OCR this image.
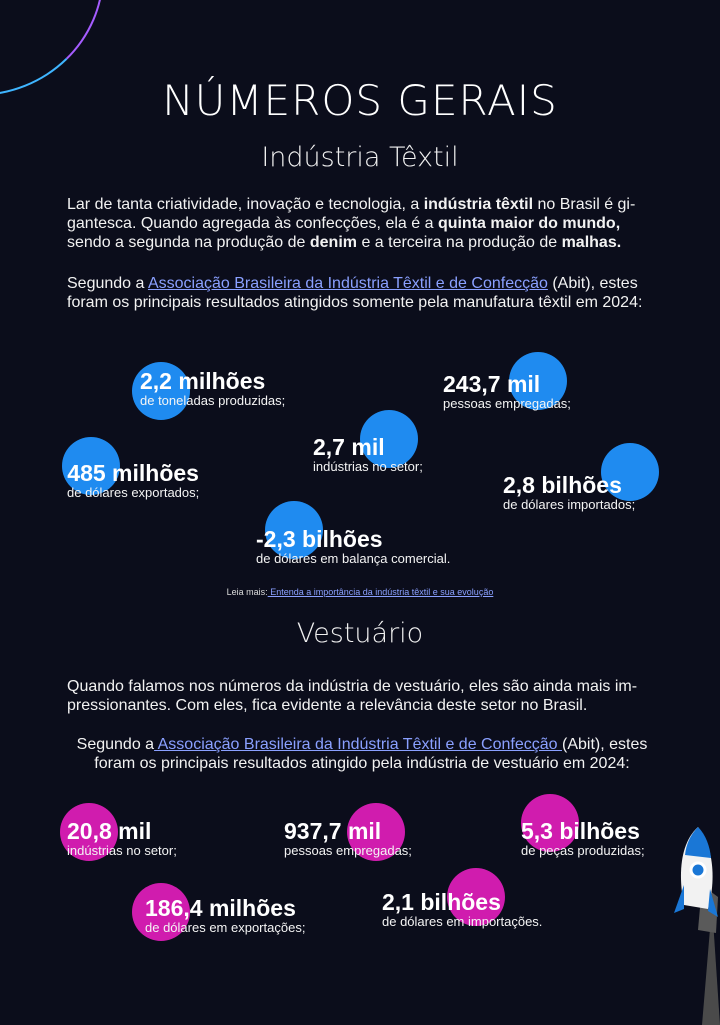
NÚMEROS GERAIS
Indústria Têxtil
Lar de tanta criatividade, inovação e tecnologia, a indústria têxtil no Brasil é gi-gantesca. Quando agregada às confecções, ela é a quinta maior do mundo, sendo a segunda na produção de denim e a terceira na produção de malhas.
Segundo a Associação Brasileira da Indústria Têxtil e de Confecção (Abit), estes foram os principais resultados atingidos somente pela manufatura têxtil em 2024:
2,2 milhões
de toneladas produzidas;
243,7 mil
pessoas empregadas;
2,7 mil
indústrias no setor;
485 milhões
de dólares exportados;	2,8 bilhões
de dólares importados;
-2,3 bilhões
de dólares em balança comercial.
Leia mais: Entenda a importância da indústria têxtil e sua evolução
Vestuário
Quando falamos nos números da indústria de vestuário, eles são ainda mais im-pressionantes. Com eles, fica evidente a relevância deste setor no Brasil.
Segundo a Associação Brasileira da Indústria Têxtil e de Confecção (Abit), estes foram os principais resultados atingido pela indústria de vestuário em 2024:
20,8 mil
indústrias no setor;
937,7 mil
pessoas empregadas;
5,3 bilhões
de peças produzidas;
186,4 milhões
de dólares em exportações;
2,1 bilhões
de dólares em importações.
